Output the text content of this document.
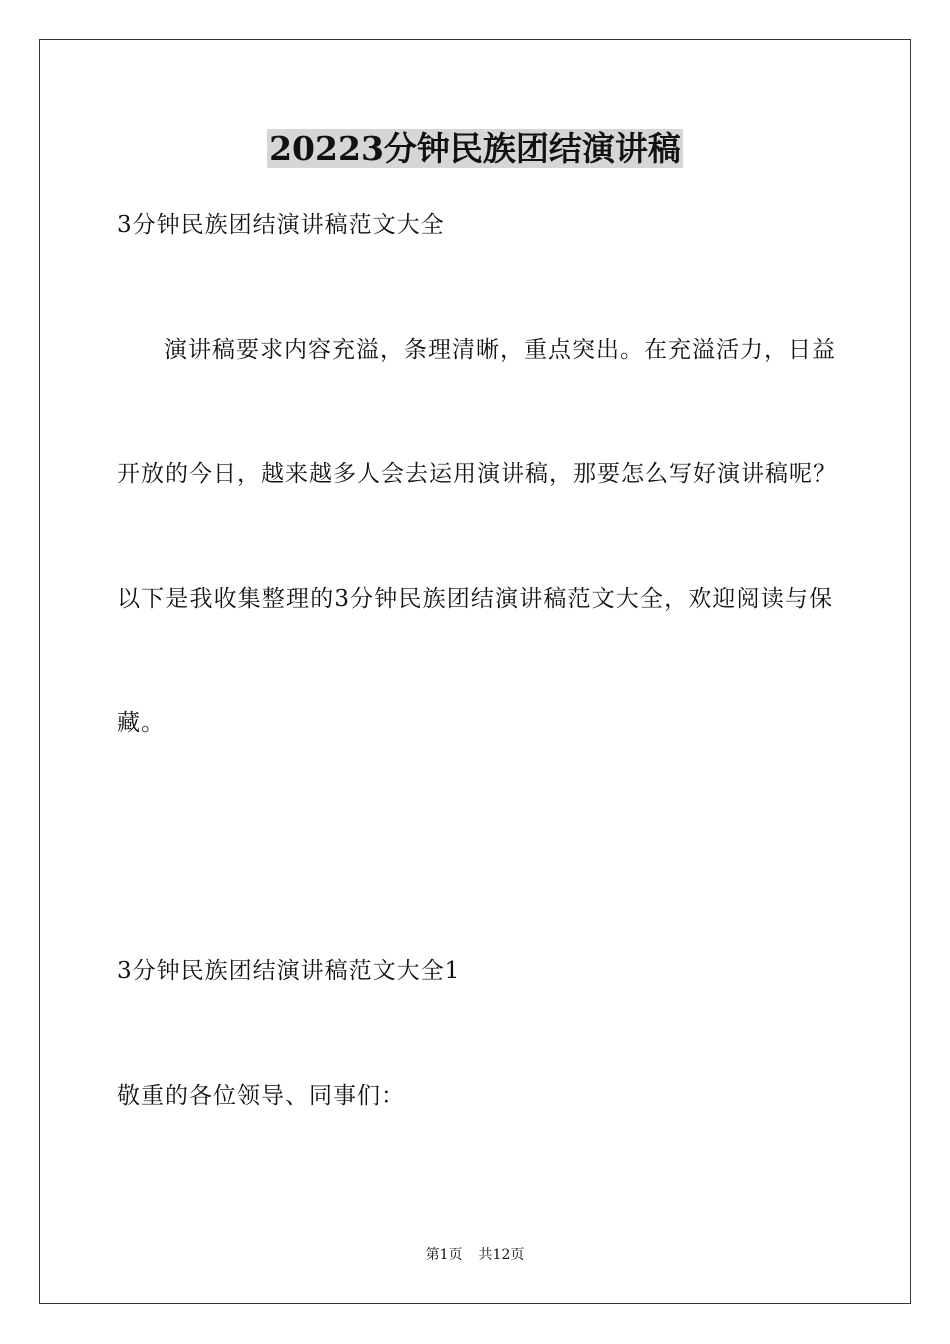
20223分钟民族团结演讲稿
3分钟民族团结演讲稿范文大全
演讲稿要求内容充溢，条理清晰，重点突出。在充溢活力，日益
开放的今日，越来越多人会去运用演讲稿，那要怎么写好演讲稿呢？
以下是我收集整理的3分钟民族团结演讲稿范文大全，欢迎阅读与保
藏。
3分钟民族团结演讲稿范文大全1
敬重的各位领导、同事们：
第1页 共12页
